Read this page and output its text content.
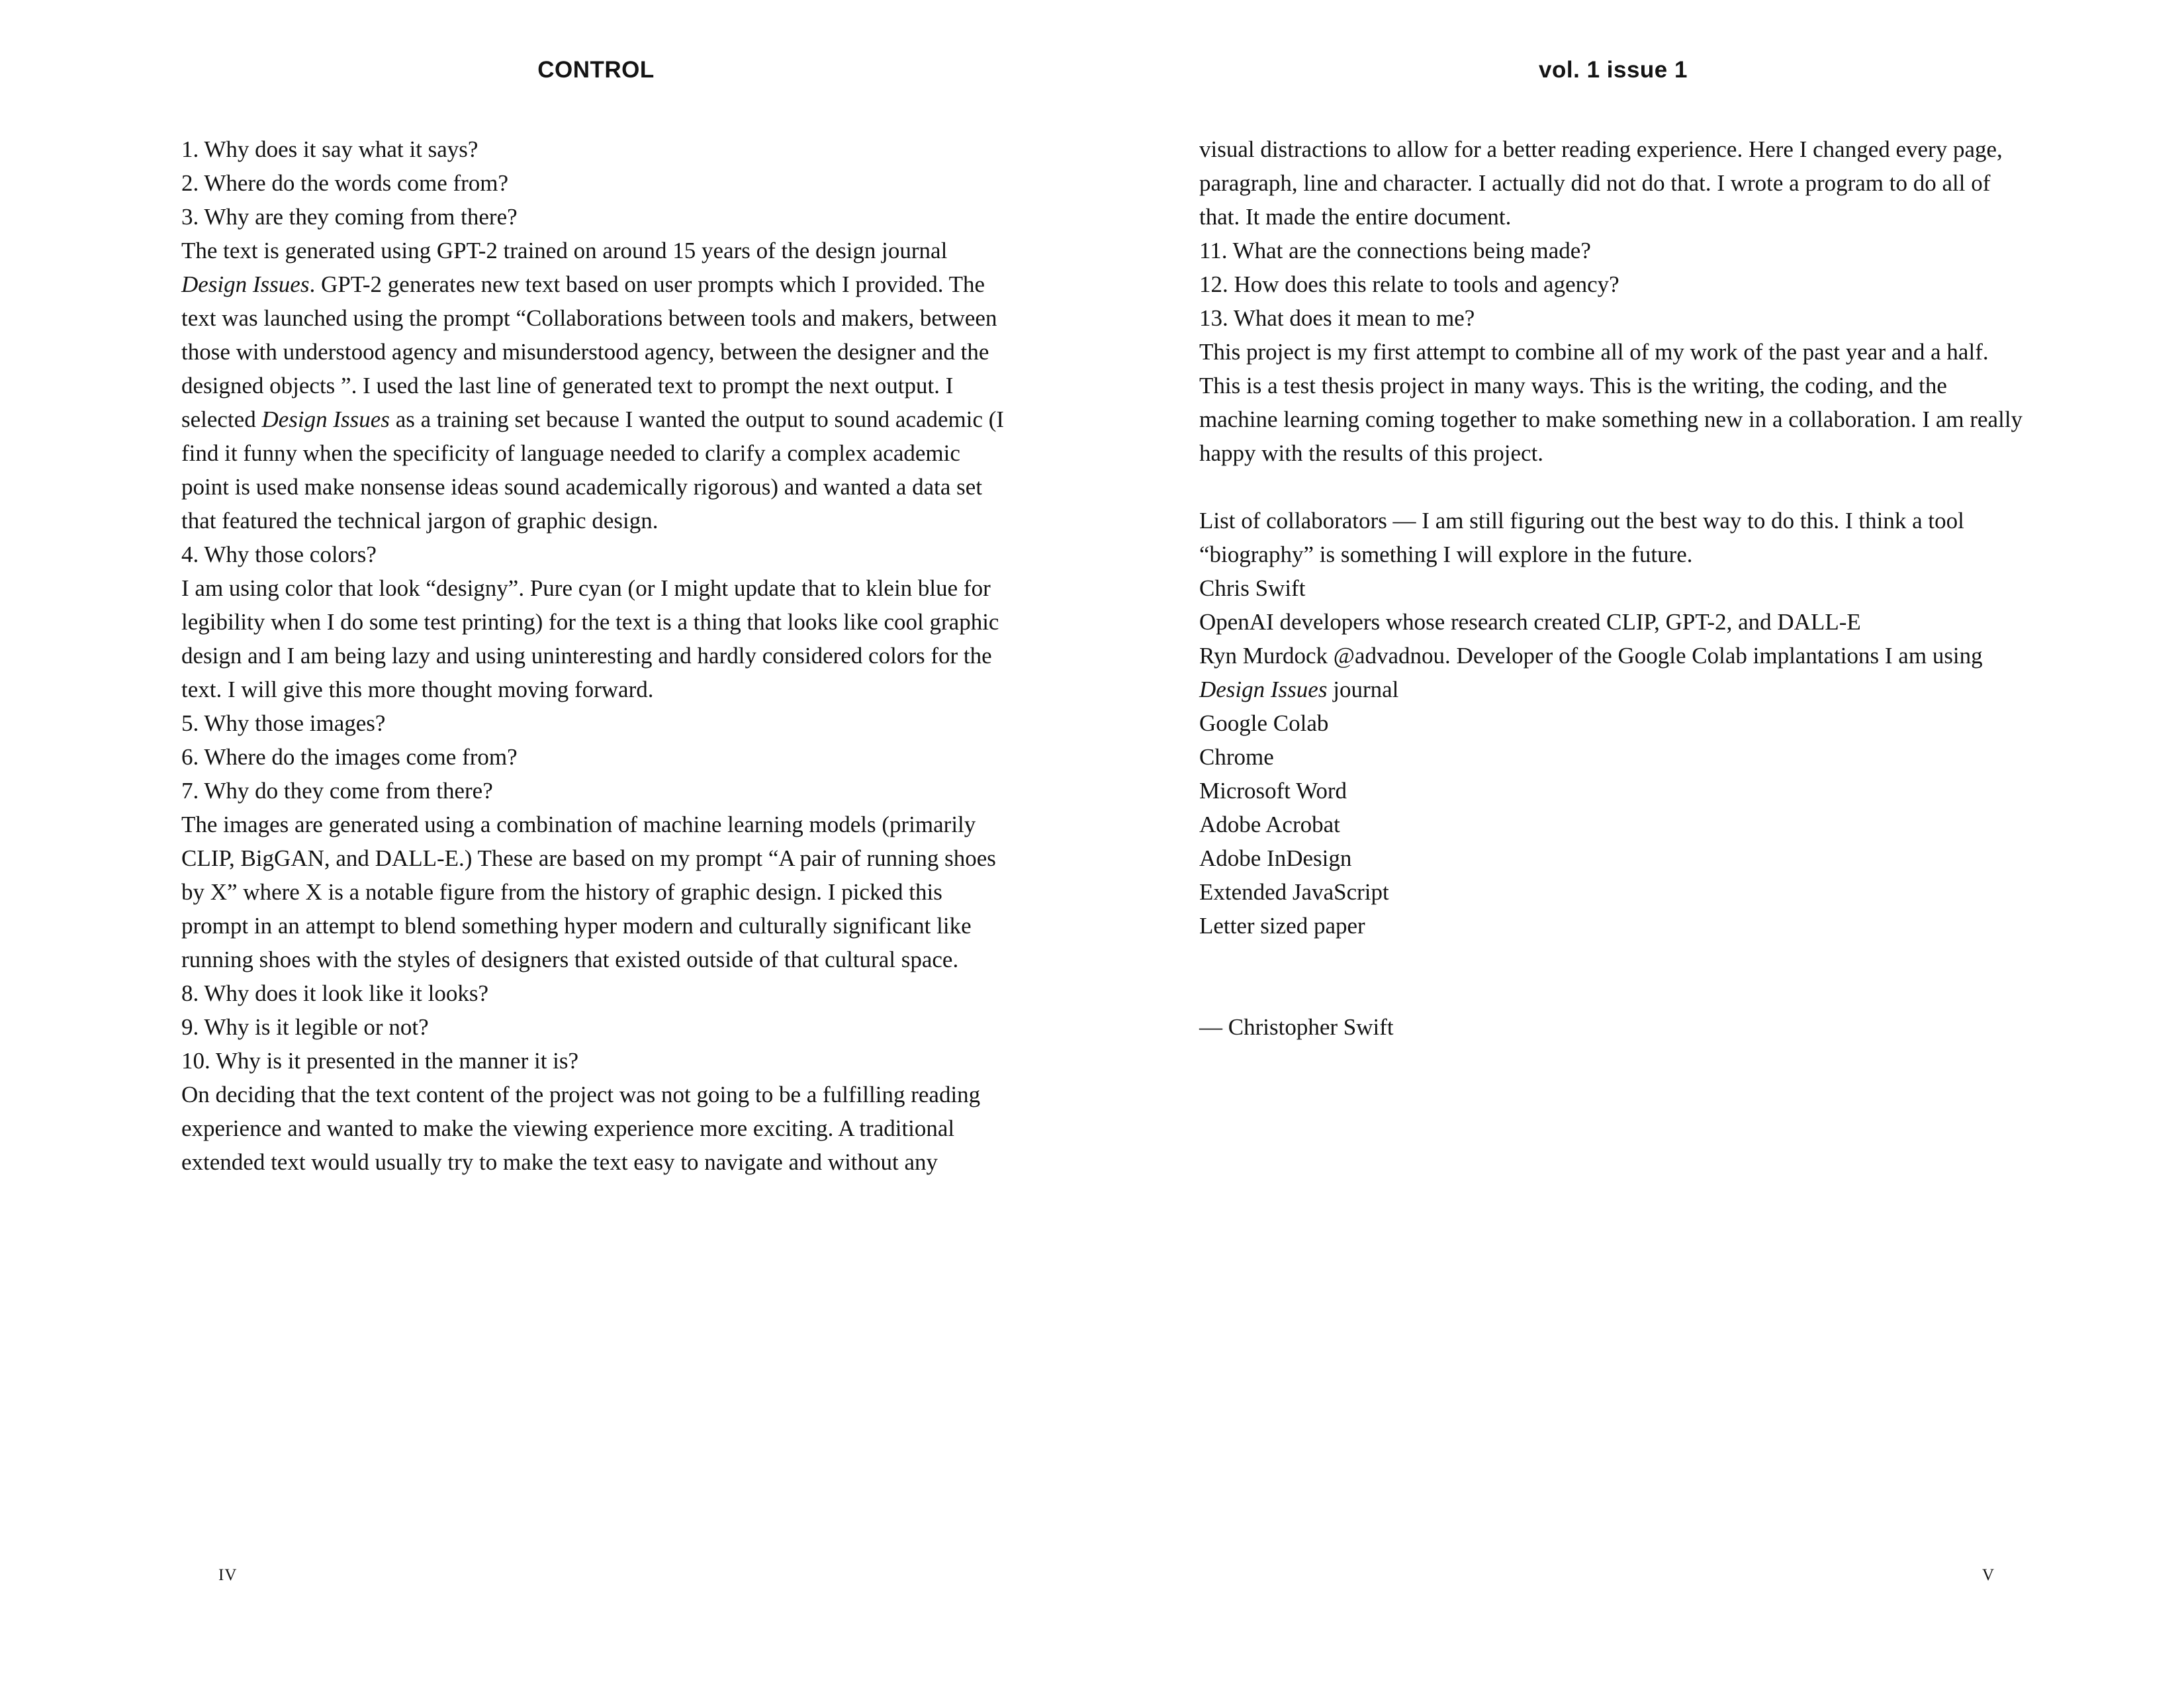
CONTROL	vol. 1 issue 1

1. Why does it say what it says?

2. Where do the words come from?

3. Why are they coming from there?

The text is generated using GPT-2 trained on around 15 years of the design journal Design Issues. GPT-2 generates new text based on user prompts which I provided. The text was launched using the prompt “Collaborations between tools and makers, between those with understood agency and misunderstood agency, between the designer and the designed objects ”. I used the last line of generated text to prompt the next output. I selected Design Issues as a training set because I wanted the output to sound academic (I find it funny when the specificity of language needed to clarify a complex academic point is used make nonsense ideas sound academically rigorous) and wanted a data set that featured the technical jargon of graphic design.

4. Why those colors?

I am using color that look “designy”. Pure cyan (or I might update that to klein blue for legibility when I do some test printing) for the text is a thing that looks like cool graphic design and I am being lazy and using uninteresting and hardly considered colors for the text. I will give this more thought moving forward.

5. Why those images?

6. Where do the images come from?

7. Why do they come from there?

The images are generated using a combination of machine learning models (primarily CLIP, BigGAN, and DALL-E.) These are based on my prompt “A pair of running shoes by X” where X is a notable figure from the history of graphic design. I picked this prompt in an attempt to blend something hyper modern and culturally significant like running shoes with the styles of designers that existed outside of that cultural space.

8. Why does it look like it looks?

9. Why is it legible or not?

10. Why is it presented in the manner it is?

On deciding that the text content of the project was not going to be a fulfilling reading experience and wanted to make the viewing experience more exciting. A traditional extended text would usually try to make the text easy to navigate and without any

visual distractions to allow for a better reading experience. Here I changed every page, paragraph, line and character. I actually did not do that. I wrote a program to do all of that. It made the entire document.

11. What are the connections being made?

12. How does this relate to tools and agency?

13. What does it mean to me?

This project is my first attempt to combine all of my work of the past year and a half. This is a test thesis project in many ways. This is the writing, the coding, and the machine learning coming together to make something new in a collaboration. I am really happy with the results of this project.

List of collaborators — I am still figuring out the best way to do this. I think a tool “biography” is something I will explore in the future.

Chris Swift

OpenAI developers whose research created CLIP, GPT-2, and DALL-E

Ryn Murdock @advadnou. Developer of the Google Colab implantations I am using

Design Issues journal

Google Colab

Chrome

Microsoft Word

Adobe Acrobat

Adobe InDesign

Extended JavaScript

Letter sized paper

— Christopher Swift

IV	V
